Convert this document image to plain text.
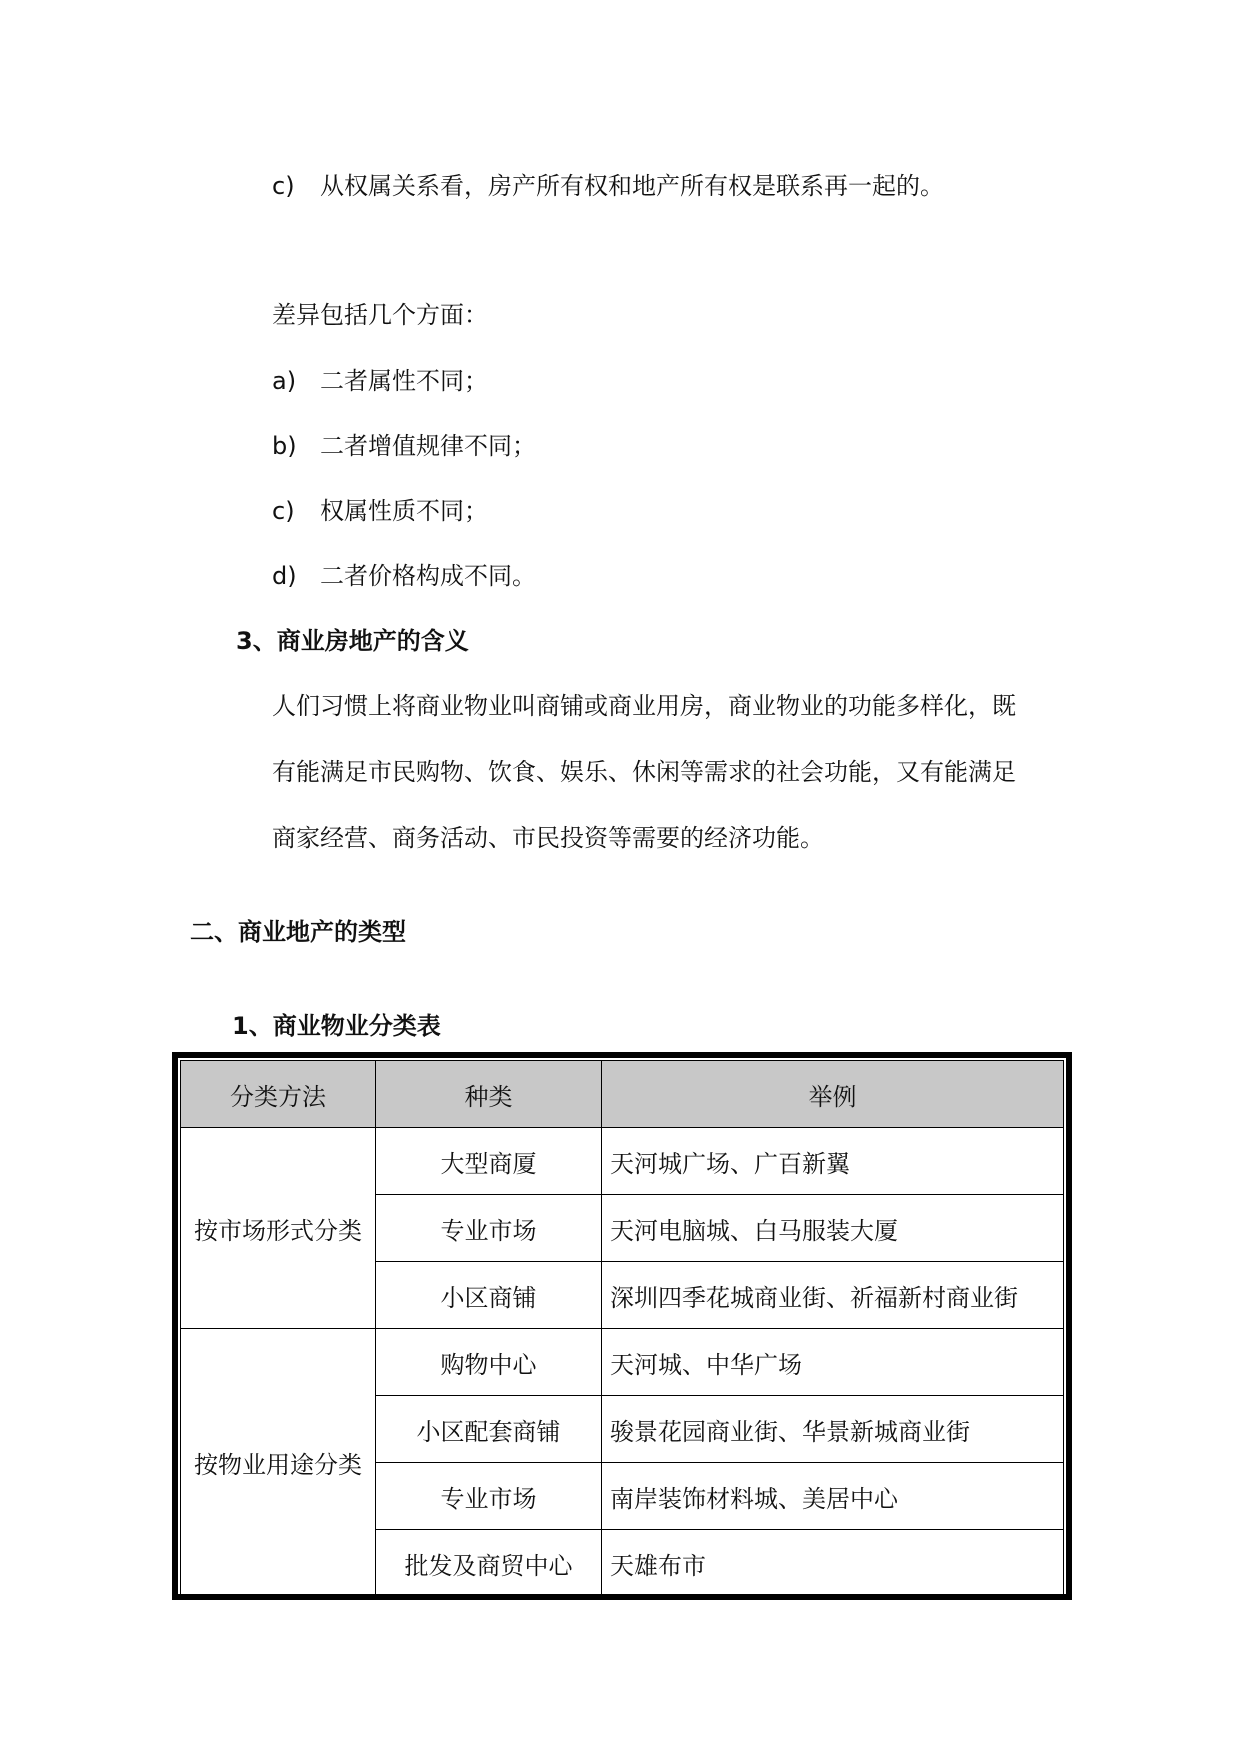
c) 从权属关系看，房产所有权和地产所有权是联系再一起的。
差异包括几个方面：
a) 二者属性不同；
b) 二者增值规律不同；
c) 权属性质不同；
d) 二者价格构成不同。
3、商业房地产的含义
人们习惯上将商业物业叫商铺或商业用房，商业物业的功能多样化，既
有能满足市民购物、饮食、娱乐、休闲等需求的社会功能，又有能满足
商家经营、商务活动、市民投资等需要的经济功能。
二、商业地产的类型
1、商业物业分类表
分类方法	种类	举例
按市场形式分类	大型商厦	天河城广场、广百新翼
	专业市场	天河电脑城、白马服装大厦
	小区商铺	深圳四季花城商业街、祈福新村商业街
按物业用途分类	购物中心	天河城、中华广场
	小区配套商铺	骏景花园商业街、华景新城商业街
	专业市场	南岸装饰材料城、美居中心
	批发及商贸中心	天雄布市
